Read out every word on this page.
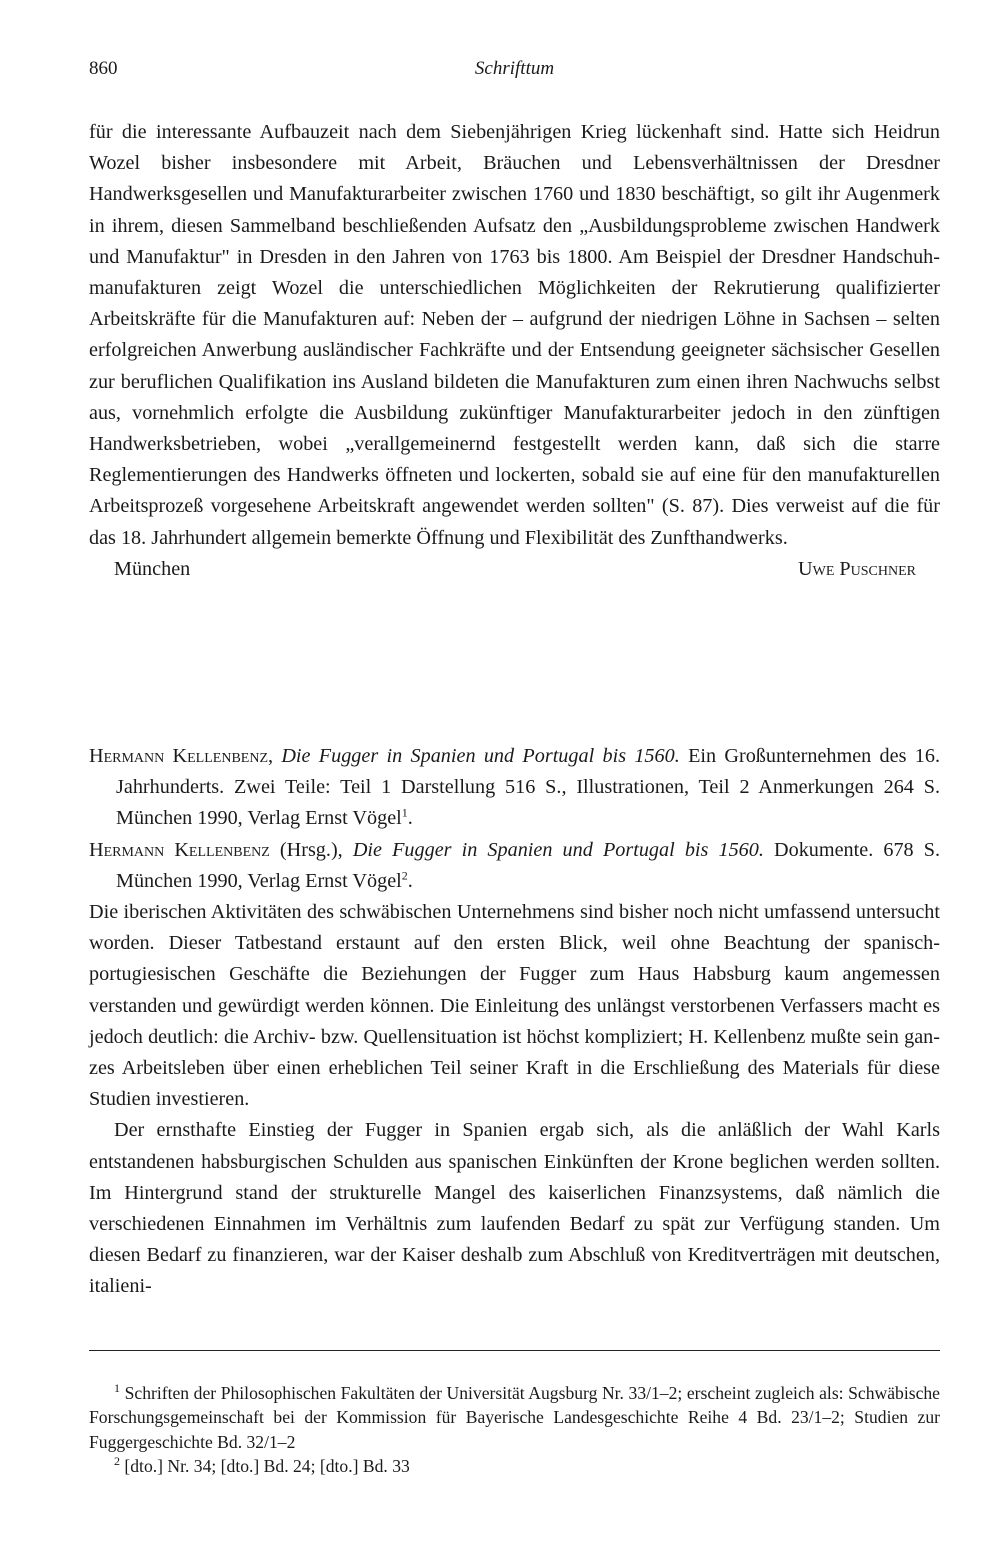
860	Schrifttum

für die interessante Aufbauzeit nach dem Siebenjährigen Krieg lückenhaft sind. Hatte sich Heidrun Wozel bisher insbesondere mit Arbeit, Bräuchen und Lebensverhältnissen der Dresdner Handwerksgesellen und Manufakturarbeiter zwischen 1760 und 1830 beschäftigt, so gilt ihr Augenmerk in ihrem, diesen Sammelband beschließenden Aufsatz den „Ausbildungsprobleme zwischen Handwerk und Manufaktur" in Dresden in den Jahren von 1763 bis 1800. Am Beispiel der Dresdner Handschuhmanufakturen zeigt Wozel die unterschiedlichen Möglichkeiten der Rekrutierung qualifizierter Arbeitskräfte für die Manufakturen auf: Neben der – aufgrund der niedrigen Löhne in Sachsen – selten erfolgreichen Anwerbung ausländischer Fachkräfte und der Entsendung geeigneter sächsischer Gesellen zur beruflichen Qualifikation ins Ausland bildeten die Manufakturen zum einen ihren Nachwuchs selbst aus, vornehmlich erfolgte die Ausbildung zukünftiger Manufakturarbeiter jedoch in den zünftigen Handwerksbetrieben, wobei „verallgemeinernd festgestellt werden kann, daß sich die starre Reglementierungen des Handwerks öffneten und lockerten, sobald sie auf eine für den manufakturellen Arbeitsprozeß vorgesehene Arbeitskraft angewendet werden sollten" (S. 87). Dies verweist auf die für das 18. Jahrhundert allgemein bemerkte Öffnung und Flexibilität des Zunfthandwerks.

München	Uwe Puschner

Hermann Kellenbenz, Die Fugger in Spanien und Portugal bis 1560. Ein Großunternehmen des 16. Jahrhunderts. Zwei Teile: Teil 1 Darstellung 516 S., Illustrationen, Teil 2 Anmerkungen 264 S. München 1990, Verlag Ernst Vögel$^1$.

Hermann Kellenbenz (Hrsg.), Die Fugger in Spanien und Portugal bis 1560. Dokumente. 678 S. München 1990, Verlag Ernst Vögel$^2$.

Die iberischen Aktivitäten des schwäbischen Unternehmens sind bisher noch nicht umfassend untersucht worden. Dieser Tatbestand erstaunt auf den ersten Blick, weil ohne Beachtung der spanisch-portugiesischen Geschäfte die Beziehungen der Fugger zum Haus Habsburg kaum angemessen verstanden und gewürdigt werden können. Die Einleitung des unlängst verstorbenen Verfassers macht es jedoch deutlich: die Archiv- bzw. Quellensituation ist höchst kompliziert; H. Kellenbenz mußte sein ganzes Arbeitsleben über einen erheblichen Teil seiner Kraft in die Erschließung des Materials für diese Studien investieren.

Der ernsthafte Einstieg der Fugger in Spanien ergab sich, als die anläßlich der Wahl Karls entstandenen habsburgischen Schulden aus spanischen Einkünften der Krone beglichen werden sollten. Im Hintergrund stand der strukturelle Mangel des kaiserlichen Finanzsystems, daß nämlich die verschiedenen Einnahmen im Verhältnis zum laufenden Bedarf zu spät zur Verfügung standen. Um diesen Bedarf zu finanzieren, war der Kaiser deshalb zum Abschluß von Kreditverträgen mit deutschen, italieni-

$^1$ Schriften der Philosophischen Fakultäten der Universität Augsburg Nr. 33/1–2; erscheint zugleich als: Schwäbische Forschungsgemeinschaft bei der Kommission für Bayerische Landesgeschichte Reihe 4 Bd. 23/1–2; Studien zur Fuggergeschichte Bd. 32/1–2

$^2$ [dto.] Nr. 34; [dto.] Bd. 24; [dto.] Bd. 33
